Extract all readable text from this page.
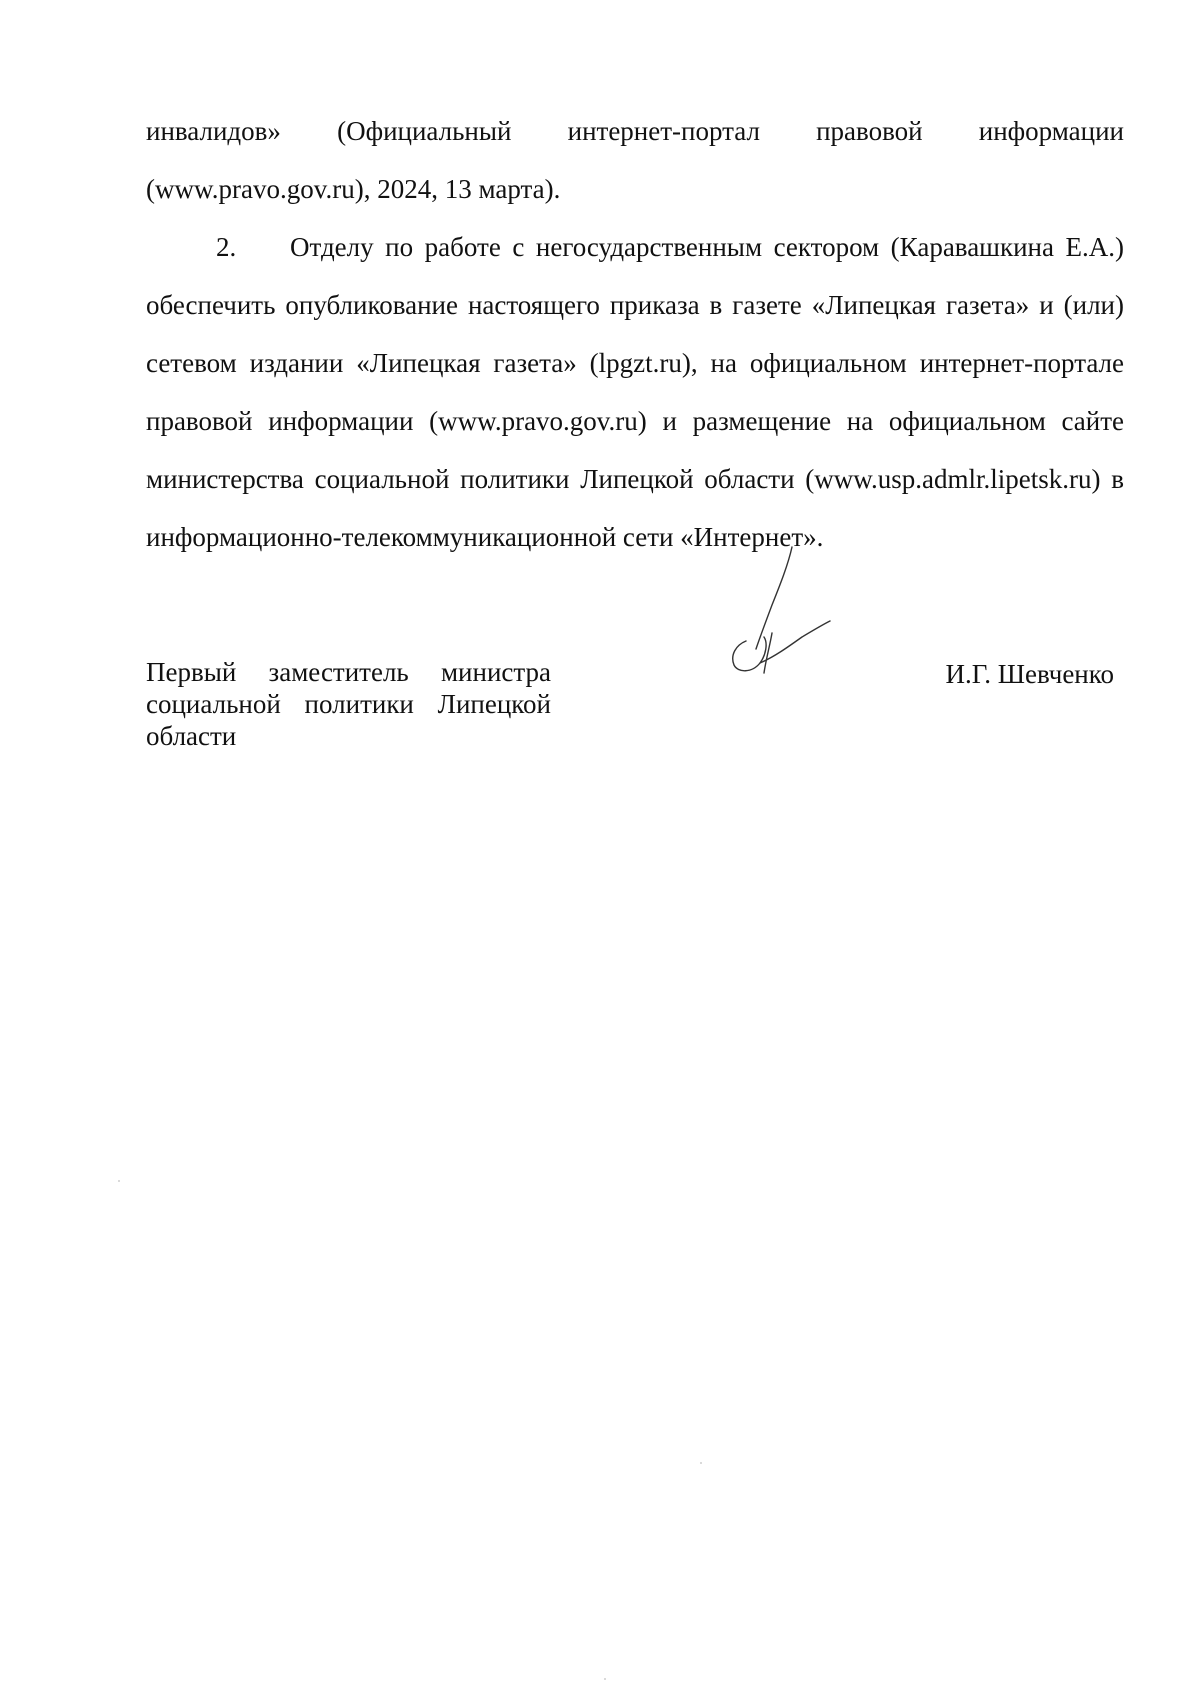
инвалидов» (Официальный интернет-портал правовой информации (www.pravo.gov.ru), 2024, 13 марта).

2. Отделу по работе с негосударственным сектором (Каравашкина Е.А.) обеспечить опубликование настоящего приказа в газете «Липецкая газета» и (или) сетевом издании «Липецкая газета» (lpgzt.ru), на официальном интернет-портале правовой информации (www.pravo.gov.ru) и размещение на официальном сайте министерства социальной политики Липецкой области (www.usp.admlr.lipetsk.ru) в информационно-телекоммуникационной сети «Интернет».

Первый заместитель министра социальной политики Липецкой области
И.Г. Шевченко
